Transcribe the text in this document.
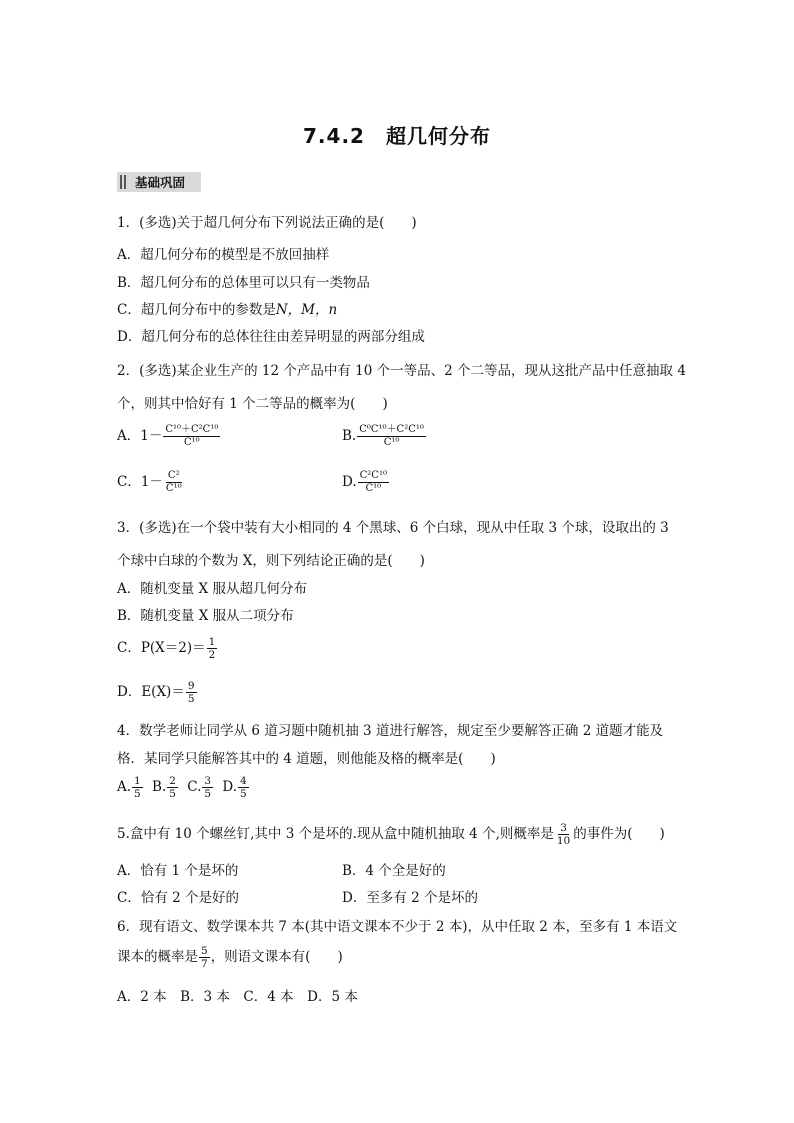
7.4.2　超几何分布
基础巩固
1．(多选)关于超几何分布下列说法正确的是(　　)
A．超几何分布的模型是不放回抽样
B．超几何分布的总体里可以只有一类物品
C．超几何分布中的参数是N，M，n
D．超几何分布的总体往往由差异明显的两部分组成
2．(多选)某企业生产的 12 个产品中有 10 个一等品、2 个二等品，现从这批产品中任意抽取 4
个，则其中恰好有 1 个二等品的概率为(　　)
A．$1- \frac{\text{C¹⁰＋C²C¹⁰}}{\text{C¹⁰}}$	B. $\frac{\text{C⁰C¹⁰＋C²C¹⁰}}{\text{C¹⁰}}$
C．$1- \frac{\text{C²}}{\text{C¹⁰}}$	D. $\frac{\text{C²C¹⁰}}{\text{C¹⁰}}$
3．(多选)在一个袋中装有大小相同的 4 个黑球、6 个白球，现从中任取 3 个球，设取出的 3
个球中白球的个数为 X，则下列结论正确的是(　　)
A．随机变量 X 服从超几何分布
B．随机变量 X 服从二项分布
C．$P(X=2)= \frac{1}{2}$
D．$E(X)= \frac{9}{5}$
4．数学老师让同学从 6 道习题中随机抽 3 道进行解答，规定至少要解答正确 2 道题才能及
格．某同学只能解答其中的 4 道题，则他能及格的概率是(　　)
A. $\frac{1}{5} B$. $\frac{2}{5} C$. $\frac{3}{5} D$. $\frac{4}{5}$
5.盒中有 10 个螺丝钉,其中 3 个是坏的.现从盒中随机抽取 4 个,则概率是 $\frac{3}{10}$ 的事件为(　　)
A．恰有 1 个是坏的	B．4 个全是好的
C．恰有 2 个是好的	D．至多有 2 个是坏的
6．现有语文、数学课本共 7 本(其中语文课本不少于 2 本)，从中任取 2 本，至多有 1 本语文
课本的概率是 $\frac{5}{7}$ ，则语文课本有(　　)
A．2 本　B．3 本　C．4 本　D．5 本
